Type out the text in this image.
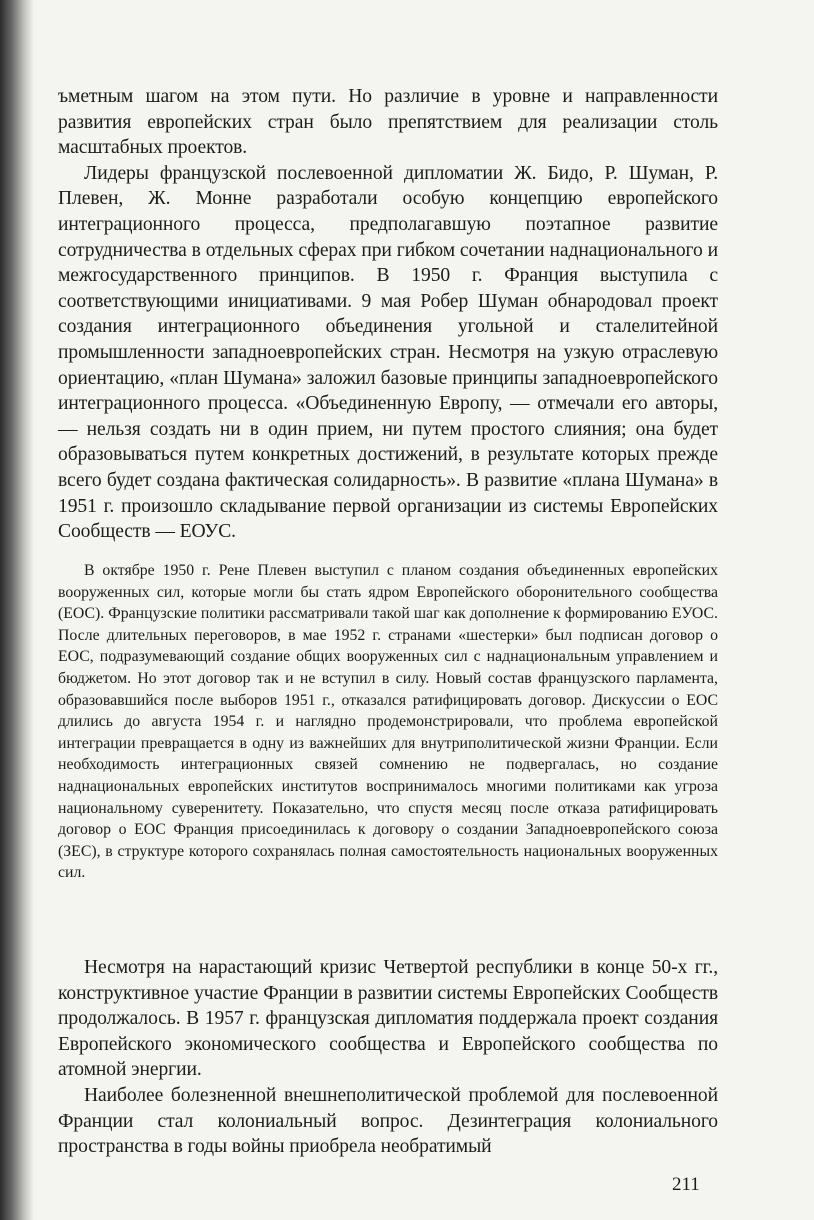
ъметным шагом на этом пути. Но различие в уровне и направленности развития европейских стран было препятствием для реализации столь масштабных проектов.

Лидеры французской послевоенной дипломатии Ж. Бидо, Р. Шуман, Р. Плевен, Ж. Монне разработали особую концепцию европейского интеграционного процесса, предполагавшую поэтапное развитие сотрудничества в отдельных сферах при гибком сочетании наднационального и межгосударственного принципов. В 1950 г. Франция выступила с соответствующими инициативами. 9 мая Робер Шуман обнародовал проект создания интеграционного объединения угольной и сталелитейной промышленности западноевропейских стран. Несмотря на узкую отраслевую ориентацию, «план Шумана» заложил базовые принципы западноевропейского интеграционного процесса. «Объединенную Европу, — отмечали его авторы, — нельзя создать ни в один прием, ни путем простого слияния; она будет образовываться путем конкретных достижений, в результате которых прежде всего будет создана фактическая солидарность». В развитие «плана Шумана» в 1951 г. произошло складывание первой организации из системы Европейских Сообществ — ЕОУС.

В октябре 1950 г. Рене Плевен выступил с планом создания объединенных европейских вооруженных сил, которые могли бы стать ядром Европейского оборонительного сообщества (ЕОС). Французские политики рассматривали такой шаг как дополнение к формированию ЕУОС. После длительных переговоров, в мае 1952 г. странами «шестерки» был подписан договор о ЕОС, подразумевающий создание общих вооруженных сил с наднациональным управлением и бюджетом. Но этот договор так и не вступил в силу. Новый состав французского парламента, образовавшийся после выборов 1951 г., отказался ратифицировать договор. Дискуссии о ЕОС длились до августа 1954 г. и наглядно продемонстрировали, что проблема европейской интеграции превращается в одну из важнейших для внутриполитической жизни Франции. Если необходимость интеграционных связей сомнению не подвергалась, но создание наднациональных европейских институтов воспринималось многими политиками как угроза национальному суверенитету. Показательно, что спустя месяц после отказа ратифицировать договор о ЕОС Франция присоединилась к договору о создании Западноевропейского союза (ЗЕС), в структуре которого сохранялась полная самостоятельность национальных вооруженных сил.

Несмотря на нарастающий кризис Четвертой республики в конце 50-х гг., конструктивное участие Франции в развитии системы Европейских Сообществ продолжалось. В 1957 г. французская дипломатия поддержала проект создания Европейского экономического сообщества и Европейского сообщества по атомной энергии.

Наиболее болезненной внешнеполитической проблемой для послевоенной Франции стал колониальный вопрос. Дезинтеграция колониального пространства в годы войны приобрела необратимый

211
